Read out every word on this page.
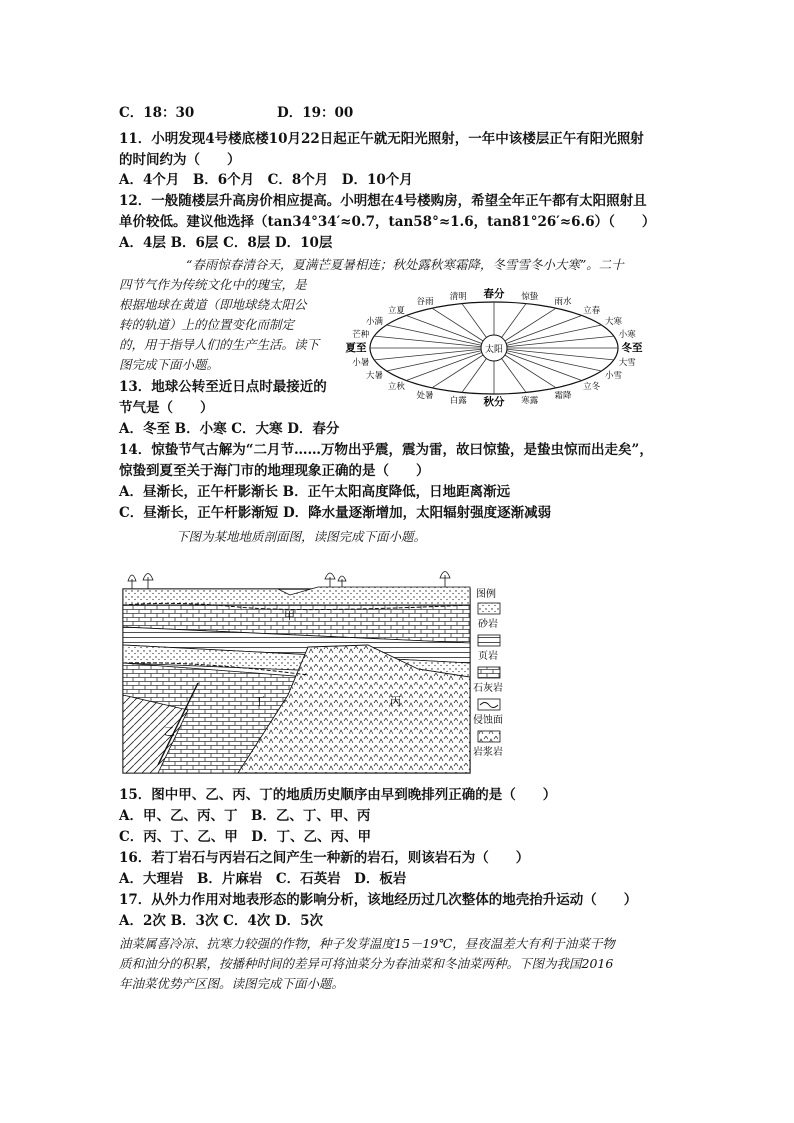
C．18：30	D．19：00
11．小明发现4号楼底楼10月22日起正午就无阳光照射，一年中该楼层正午有阳光照射
的时间约为（　　）
A．4个月　B．6个月　C．8个月　D．10个月
12．一般随楼层升高房价相应提高。小明想在4号楼购房，希望全年正午都有太阳照射且
单价较低。建议他选择（tan34°34′≈0.7，tan58°≈1.6，tan81°26′≈6.6）（　　）
A．4层 B．6层 C．8层 D．10层
“春雨惊春清谷天，夏满芒夏暑相连；秋处露秋寒霜降，冬雪雪冬小大寒”。二十
四节气作为传统文化中的瑰宝，是
根据地球在黄道（即地球绕太阳公
转的轨道）上的位置变化而制定
的，用于指导人们的生产生活。读下
图完成下面小题。
13．地球公转至近日点时最接近的
节气是（　　）
A．冬至 B．小寒 C．大寒 D．春分
14．惊蛰节气古解为“二月节……万物出乎震，震为雷，故曰惊蛰，是蛰虫惊而出走矣”，
惊蛰到夏至关于海门市的地理现象正确的是（　　）
A．昼渐长，正午杆影渐长 B．正午太阳高度降低，日地距离渐远
C．昼渐长，正午杆影渐短 D．降水量逐渐增加，太阳辐射强度逐渐减弱
下图为某地地质剖面图，读图完成下面小题。
太阳
春分
清明
谷雨
立夏
小满
芒种
夏至
小暑
大暑
立秋
处暑
白露 秋分 寒露
霜降
立冬
小雪
大雪
冬至
小寒
大寒
立春
雨水
惊蛰
甲
乙
丙
丁
图例
砂岩
页岩
石灰岩
侵蚀面
岩浆岩
15．图中甲、乙、丙、丁的地质历史顺序由早到晚排列正确的是（　　）
A．甲、乙、丙、丁　B．乙、丁、甲、丙
C．丙、丁、乙、甲　D．丁、乙、丙、甲
16．若丁岩石与丙岩石之间产生一种新的岩石，则该岩石为（　　）
A．大理岩　B．片麻岩　C．石英岩　D．板岩
17．从外力作用对地表形态的影响分析，该地经历过几次整体的地壳抬升运动（　　）
A．2次 B．3次 C．4次 D．5次
油菜属喜冷凉、抗寒力较强的作物，种子发芽温度15－19℃，昼夜温差大有利于油菜干物
质和油分的积累，按播种时间的差异可将油菜分为春油菜和冬油菜两种。下图为我国2016
年油菜优势产区图。读图完成下面小题。
